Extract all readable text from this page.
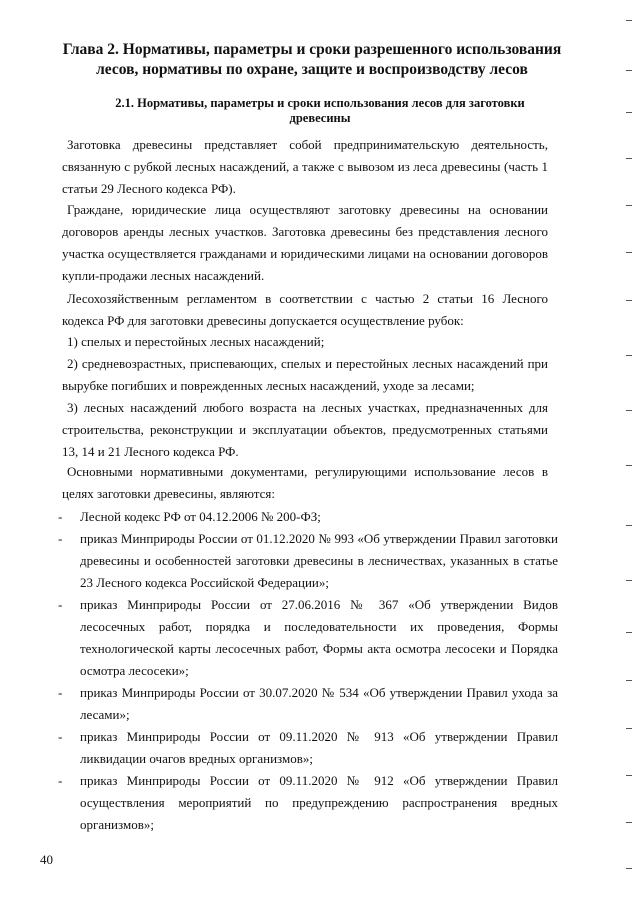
Глава 2. Нормативы, параметры и сроки разрешенного использования лесов, нормативы по охране, защите и воспроизводству лесов
2.1. Нормативы, параметры и сроки использования лесов для заготовки древесины
Заготовка древесины представляет собой предпринимательскую деятельность, связанную с рубкой лесных насаждений, а также с вывозом из леса древесины (часть 1 статьи 29 Лесного кодекса РФ).
Граждане, юридические лица осуществляют заготовку древесины на основании договоров аренды лесных участков. Заготовка древесины без представления лесного участка осуществляется гражданами и юридическими лицами на основании договоров купли-продажи лесных насаждений.
Лесохозяйственным регламентом в соответствии с частью 2 статьи 16 Лесного кодекса РФ для заготовки древесины допускается осуществление рубок:
1) спелых и перестойных лесных насаждений;
2) средневозрастных, приспевающих, спелых и перестойных лесных насаждений при вырубке погибших и поврежденных лесных насаждений, уходе за лесами;
3) лесных насаждений любого возраста на лесных участках, предназначенных для строительства, реконструкции и эксплуатации объектов, предусмотренных статьями 13, 14 и 21 Лесного кодекса РФ.
Основными нормативными документами, регулирующими использование лесов в целях заготовки древесины, являются:
- Лесной кодекс РФ от 04.12.2006 № 200-ФЗ;
- приказ Минприроды России от 01.12.2020 № 993 «Об утверждении Правил заготовки древесины и особенностей заготовки древесины в лесничествах, указанных в статье 23 Лесного кодекса Российской Федерации»;
- приказ Минприроды России от 27.06.2016 № 367 «Об утверждении Видов лесосечных работ, порядка и последовательности их проведения, Формы технологической карты лесосечных работ, Формы акта осмотра лесосеки и Порядка осмотра лесосеки»;
- приказ Минприроды России от 30.07.2020 № 534 «Об утверждении Правил ухода за лесами»;
- приказ Минприроды России от 09.11.2020 № 913 «Об утверждении Правил ликвидации очагов вредных организмов»;
- приказ Минприроды России от 09.11.2020 № 912 «Об утверждении Правил осуществления мероприятий по предупреждению распространения вредных организмов»;
40
